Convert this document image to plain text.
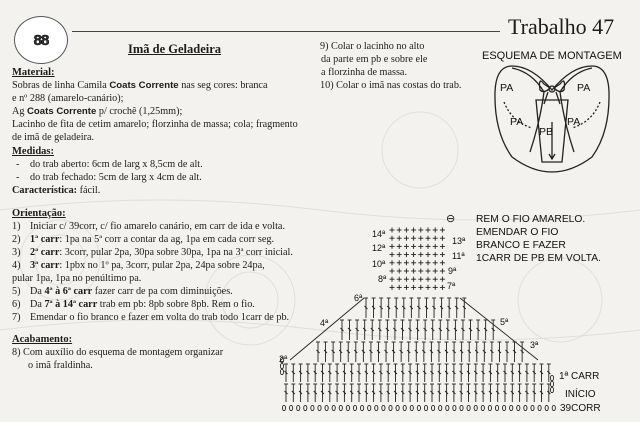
88
Trabalho 47
Imã de Geladeira
Material:
Sobras de linha Camila Coats Corrente nas seg cores: branca
e nº 288 (amarelo-canário);
Ag Coats Corrente p/ crochê (1,25mm);
Lacinho de fita de cetim amarelo; florzinha de massa; cola; fragmento
de imã de geladeira.
Medidas:
- do trab aberto: 6cm de larg x 8,5cm de alt.
- do trab fechado: 5cm de larg x 4cm de alt.
Característica: fácil.
Orientação:
1) Iniciar c/ 39corr, c/ fio amarelo canário, em carr de ida e volta.
2) 1ª carr: 1pa na 5ª corr a contar da ag, 1pa em cada corr seg.
3) 2ª carr: 3corr, pular 2pa, 30pa sobre 30pa, 1pa na 3ª corr inicial.
4) 3ª carr: 1pbx no 1º pa, 3corr, pular 2pa, 24pa sobre 24pa,
pular 1pa, 1pa no penúltimo pa.
5) Da 4ª à 6ª carr fazer carr de pa com diminuições.
6) Da 7ª à 14ª carr trab em pb: 8pb sobre 8pb. Rem o fio.
7) Emendar o fio branco e fazer em volta do trab todo 1carr de pb.
Acabamento:
8) Com auxílio do esquema de montagem organizar
o imã fraldinha.
9) Colar o lacinho no alto
da parte em pb e sobre ele
a florzinha de massa.
10) Colar o imã nas costas do trab.
ESQUEMA DE MONTAGEM
PA	PA
PA	PA
PB
14ª
12ª
10ª
8ª
6ª
4ª
2ª
13ª
11ª
9ª
7ª
5ª
3ª
⊖ REM O FIO AMARELO.
EMENDAR O FIO
BRANCO E FAZER
1CARR DE PB EM VOLTA.
1ª CARR
INÍCIO
39CORR
